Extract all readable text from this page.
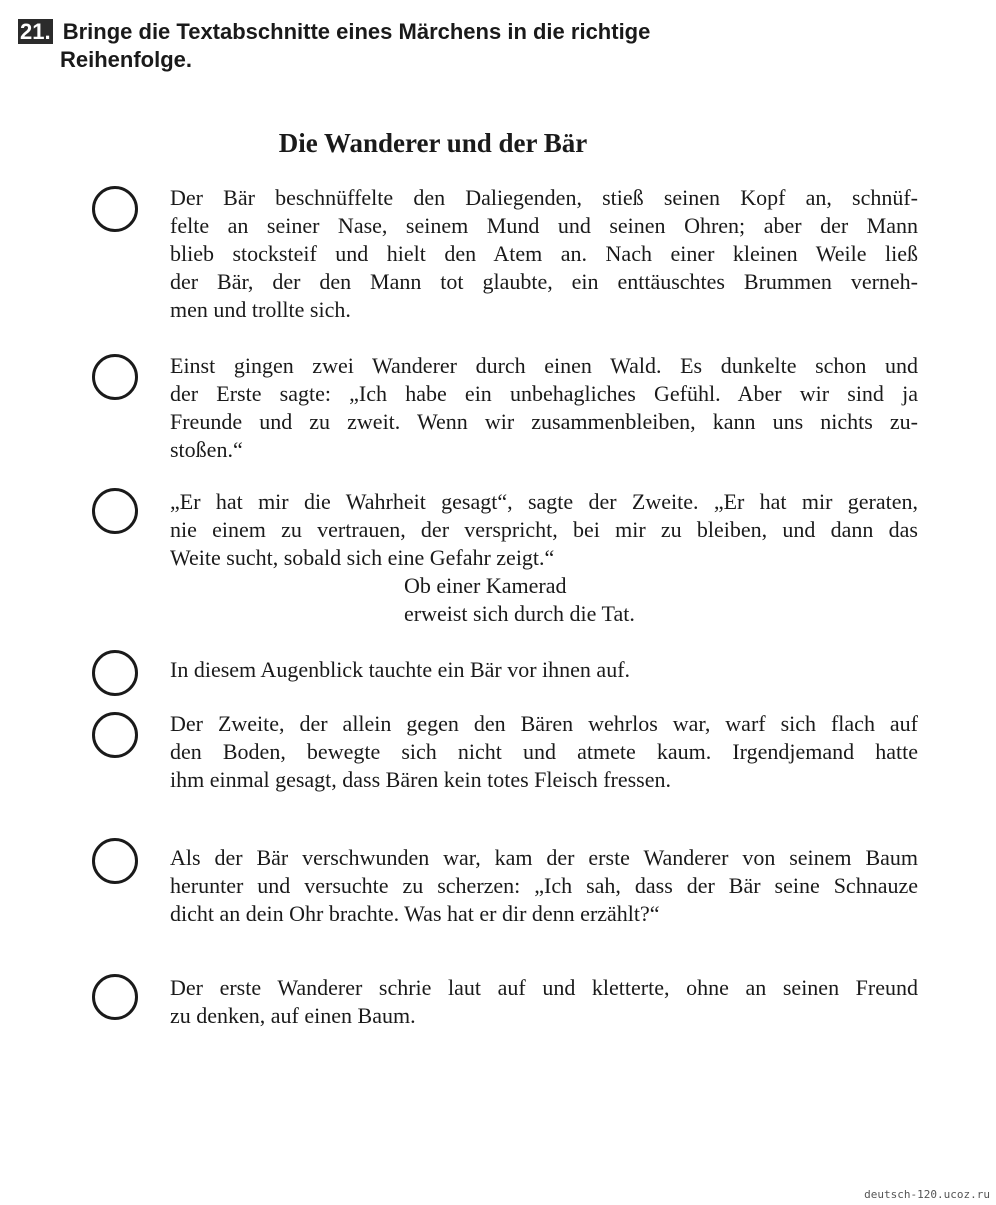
21. Bringe die Textabschnitte eines Märchens in die richtige
Reihenfolge.
Die Wanderer und der Bär
Der Bär beschnüffelte den Daliegenden, stieß seinen Kopf an, schnüf-
felte an seiner Nase, seinem Mund und seinen Ohren; aber der Mann
blieb stocksteif und hielt den Atem an. Nach einer kleinen Weile ließ
der Bär, der den Mann tot glaubte, ein enttäuschtes Brummen verneh-
men und trollte sich.
Einst gingen zwei Wanderer durch einen Wald. Es dunkelte schon und
der Erste sagte: „Ich habe ein unbehagliches Gefühl. Aber wir sind ja
Freunde und zu zweit. Wenn wir zusammenbleiben, kann uns nichts zu-
stoßen.“
„Er hat mir die Wahrheit gesagt“, sagte der Zweite. „Er hat mir geraten,
nie einem zu vertrauen, der verspricht, bei mir zu bleiben, und dann das
Weite sucht, sobald sich eine Gefahr zeigt.“
Ob einer Kamerad
erweist sich durch die Tat.
In diesem Augenblick tauchte ein Bär vor ihnen auf.
Der Zweite, der allein gegen den Bären wehrlos war, warf sich flach auf
den Boden, bewegte sich nicht und atmete kaum. Irgendjemand hatte
ihm einmal gesagt, dass Bären kein totes Fleisch fressen.
Als der Bär verschwunden war, kam der erste Wanderer von seinem Baum
herunter und versuchte zu scherzen: „Ich sah, dass der Bär seine Schnauze
dicht an dein Ohr brachte. Was hat er dir denn erzählt?“
Der erste Wanderer schrie laut auf und kletterte, ohne an seinen Freund
zu denken, auf einen Baum.
deutsch-120.ucoz.ru
